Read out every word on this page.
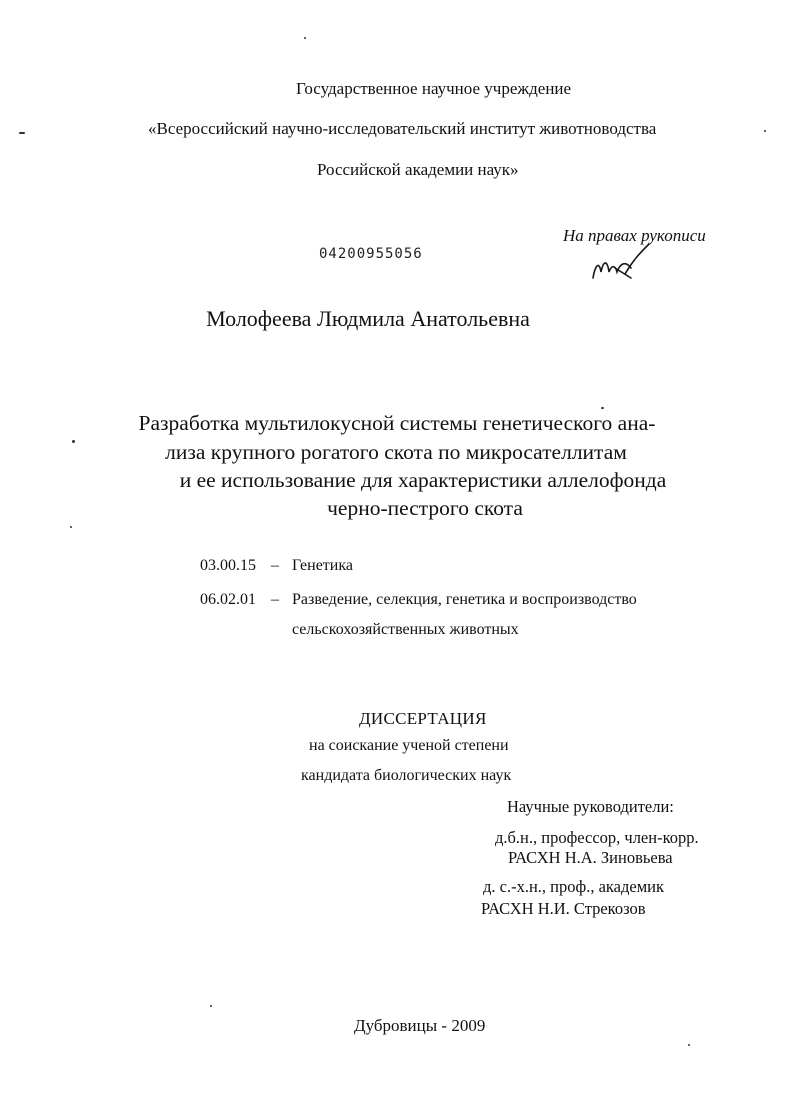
Государственное научное учреждение
«Всероссийский научно-исследовательский институт животноводства
Российской академии наук»
04200955056
На правах рукописи
Молофеева Людмила Анатольевна
Разработка мультилокусной системы генетического ана-
лиза крупного рогатого скота по микросателлитам
и ее использование для характеристики аллелофонда
черно-пестрого скота
03.00.15 – Генетика
06.02.01 – Разведение, селекция, генетика и воспроизводство
сельскохозяйственных животных
ДИССЕРТАЦИЯ
на соискание ученой степени
кандидата биологических наук
Научные руководители:
д.б.н., профессор, член-корр.
РАСХН Н.А. Зиновьева
д. с.-х.н., проф., академик
РАСХН Н.И. Стрекозов
Дубровицы - 2009
